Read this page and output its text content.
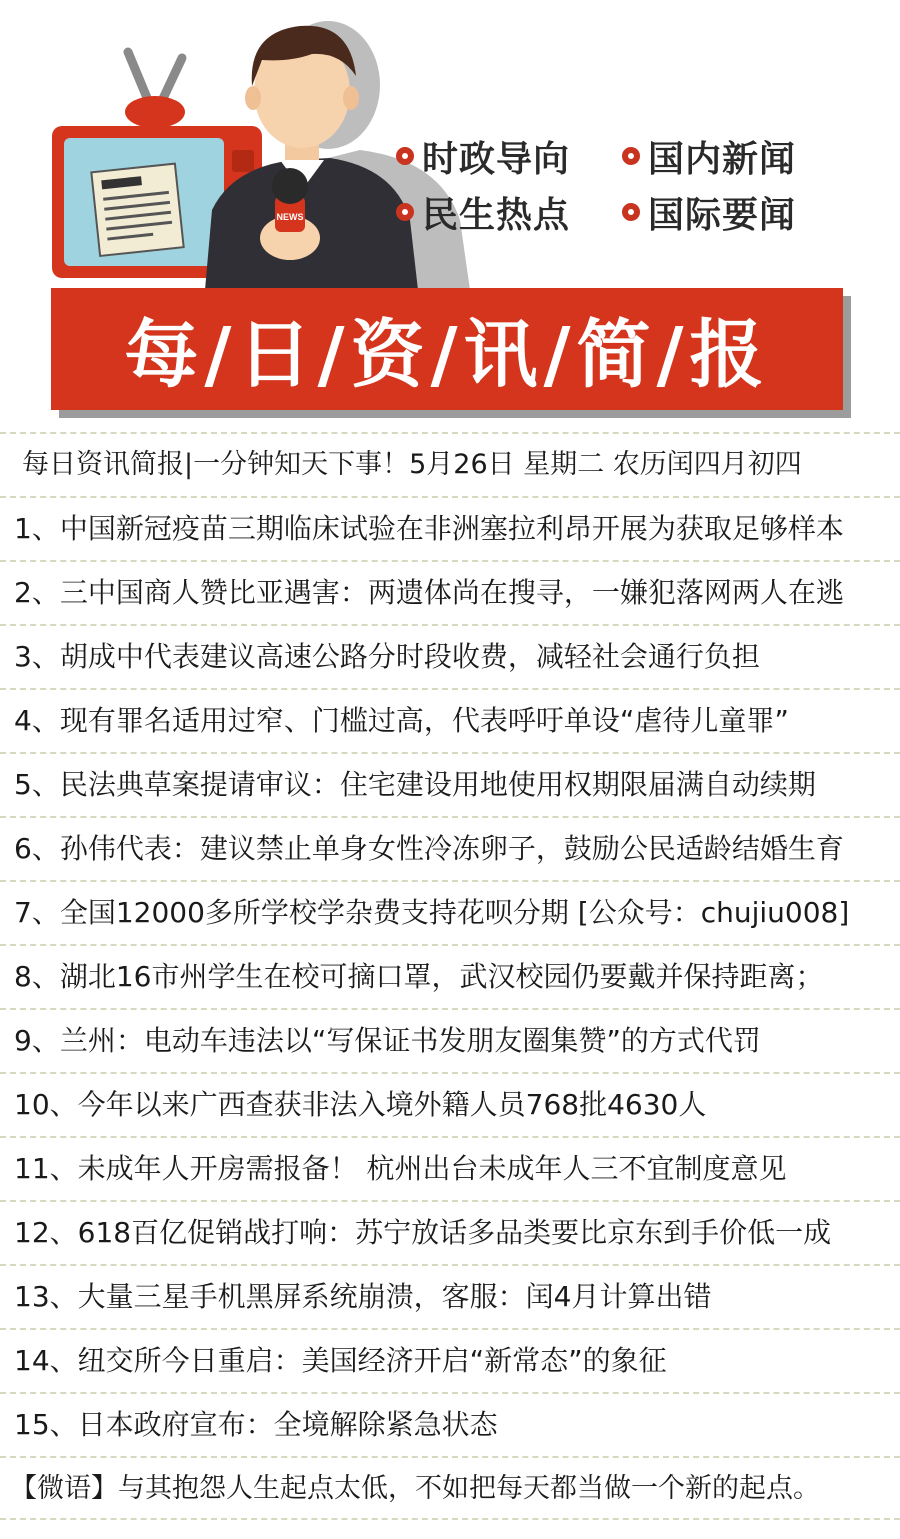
NEWS
时政导向 国内新闻
民生热点 国际要闻
每/日/资/讯/简/报
每日资讯简报|一分钟知天下事！5月26日 星期二 农历闰四月初四
1、中国新冠疫苗三期临床试验在非洲塞拉利昂开展为获取足够样本
2、三中国商人赞比亚遇害：两遗体尚在搜寻，一嫌犯落网两人在逃
3、胡成中代表建议高速公路分时段收费，减轻社会通行负担
4、现有罪名适用过窄、门槛过高，代表呼吁单设“虐待儿童罪”
5、民法典草案提请审议：住宅建设用地使用权期限届满自动续期
6、孙伟代表：建议禁止单身女性冷冻卵子，鼓励公民适龄结婚生育
7、全国12000多所学校学杂费支持花呗分期 [公众号：chujiu008]
8、湖北16市州学生在校可摘口罩，武汉校园仍要戴并保持距离；
9、兰州：电动车违法以“写保证书发朋友圈集赞”的方式代罚
10、今年以来广西查获非法入境外籍人员768批4630人
11、未成年人开房需报备！ 杭州出台未成年人三不宜制度意见
12、618百亿促销战打响：苏宁放话多品类要比京东到手价低一成
13、大量三星手机黑屏系统崩溃，客服：闰4月计算出错
14、纽交所今日重启：美国经济开启“新常态”的象征
15、日本政府宣布：全境解除紧急状态
【微语】与其抱怨人生起点太低，不如把每天都当做一个新的起点。
